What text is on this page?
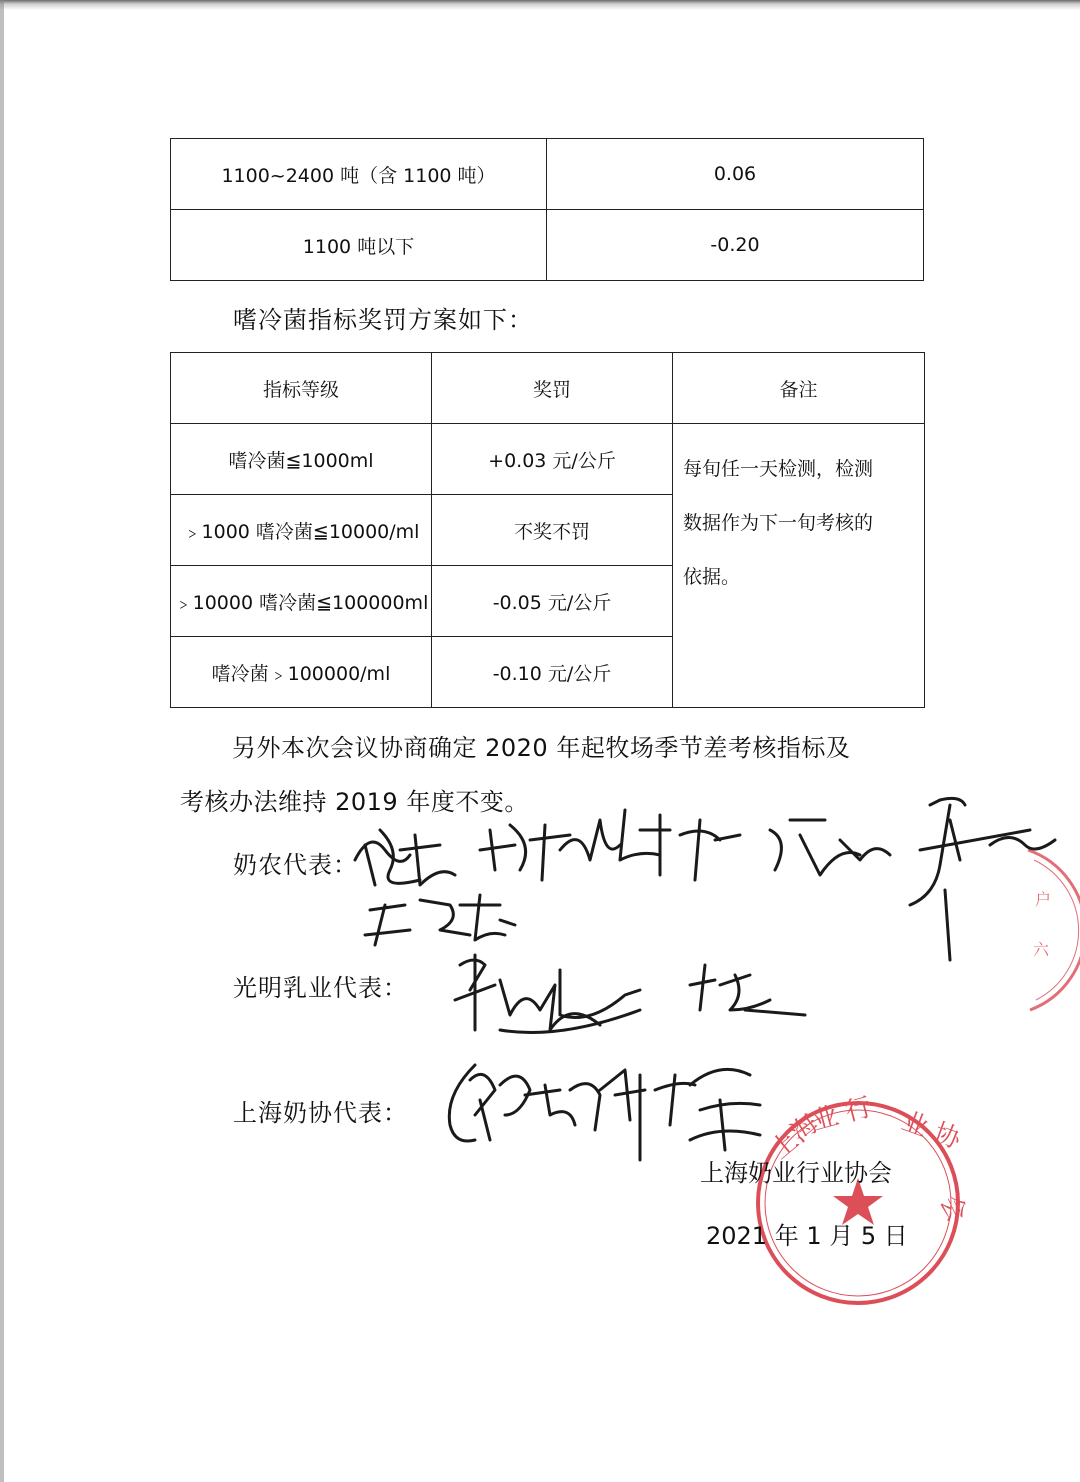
1100~2400 吨（含 1100 吨）	0.06
1100 吨以下	-0.20
嗜冷菌指标奖罚方案如下：
指标等级	奖罚	备注
嗜冷菌≦1000ml	+0.03 元/公斤	每旬任一天检测，检测
数据作为下一旬考核的
依据。

﹥1000 嗜冷菌≦10000/ml	不奖不罚	
﹥10000 嗜冷菌≦100000ml	-0.05 元/公斤	
嗜冷菌﹥100000/ml	-0.10 元/公斤	
另外本次会议协商确定 2020 年起牧场季节差考核指标及
考核办法维持 2019 年度不变。
奶农代表：
光明乳业代表：
上海奶协代表：	上海
业 行 业 协
会
户
六
上海奶业行业协会
2021 年 1 月 5 日
